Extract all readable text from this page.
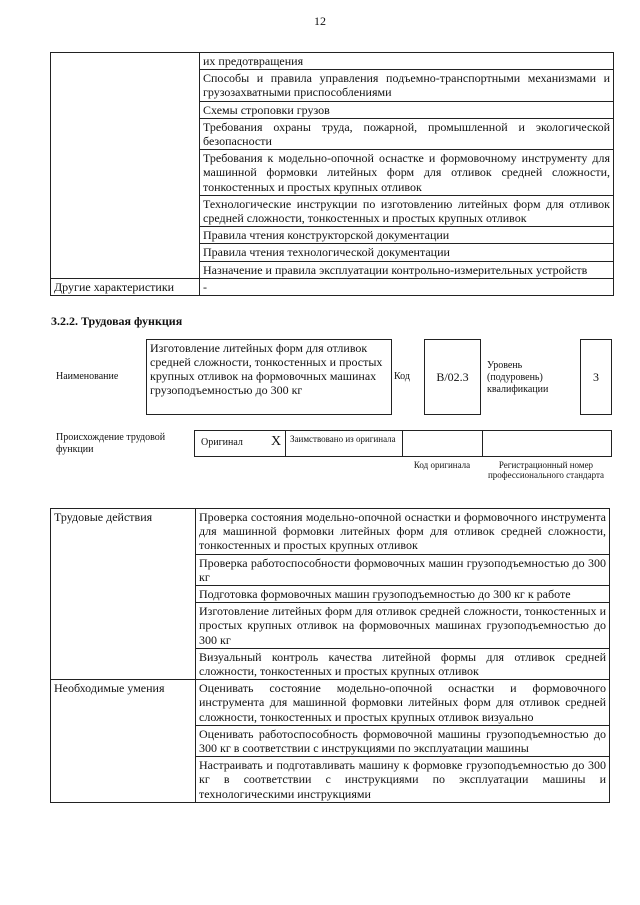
12
	их предотвращения
	Способы и правила управления подъемно-транспортными механизмами и грузозахватными приспособлениями
	Схемы строповки грузов
	Требования охраны труда, пожарной, промышленной и экологической безопасности
	Требования к модельно-опочной оснастке и формовочному инструменту для машинной формовки литейных форм для отливок средней сложности, тонкостенных и простых крупных отливок
	Технологические инструкции по изготовлению литейных форм для отливок средней сложности, тонкостенных и простых крупных отливок
	Правила чтения конструкторской документации
	Правила чтения технологической документации
	Назначение и правила эксплуатации контрольно-измерительных устройств
Другие характеристики	-
3.2.2. Трудовая функция
Наименование
Изготовление литейных форм для отливок средней сложности, тонкостенных и простых крупных отливок на формовочных машинах грузоподъемностью до 300 кг
Код	В/02.3
Уровень (подуровень) квалификации
3
Происхождение трудовой функции
Оригинал X Заимствовано из оригинала
Код оригинала	Регистрационный номер профессионального стандарта
Трудовые действия	Проверка состояния модельно-опочной оснастки и формовочного инструмента для машинной формовки литейных форм для отливок средней сложности, тонкостенных и простых крупных отливок
	Проверка работоспособности формовочных машин грузоподъемностью до 300 кг
	Подготовка формовочных машин грузоподъемностью до 300 кг к работе
	Изготовление литейных форм для отливок средней сложности, тонкостенных и простых крупных отливок на формовочных машинах грузоподъемностью до 300 кг
	Визуальный контроль качества литейной формы для отливок средней сложности, тонкостенных и простых крупных отливок
Необходимые умения	Оценивать состояние модельно-опочной оснастки и формовочного инструмента для машинной формовки литейных форм для отливок средней сложности, тонкостенных и простых крупных отливок визуально
	Оценивать работоспособность формовочной машины грузоподъемностью до 300 кг в соответствии с инструкциями по эксплуатации машины
	Настраивать и подготавливать машину к формовке грузоподъемностью до 300 кг в соответствии с инструкциями по эксплуатации машины и технологическими инструкциями
